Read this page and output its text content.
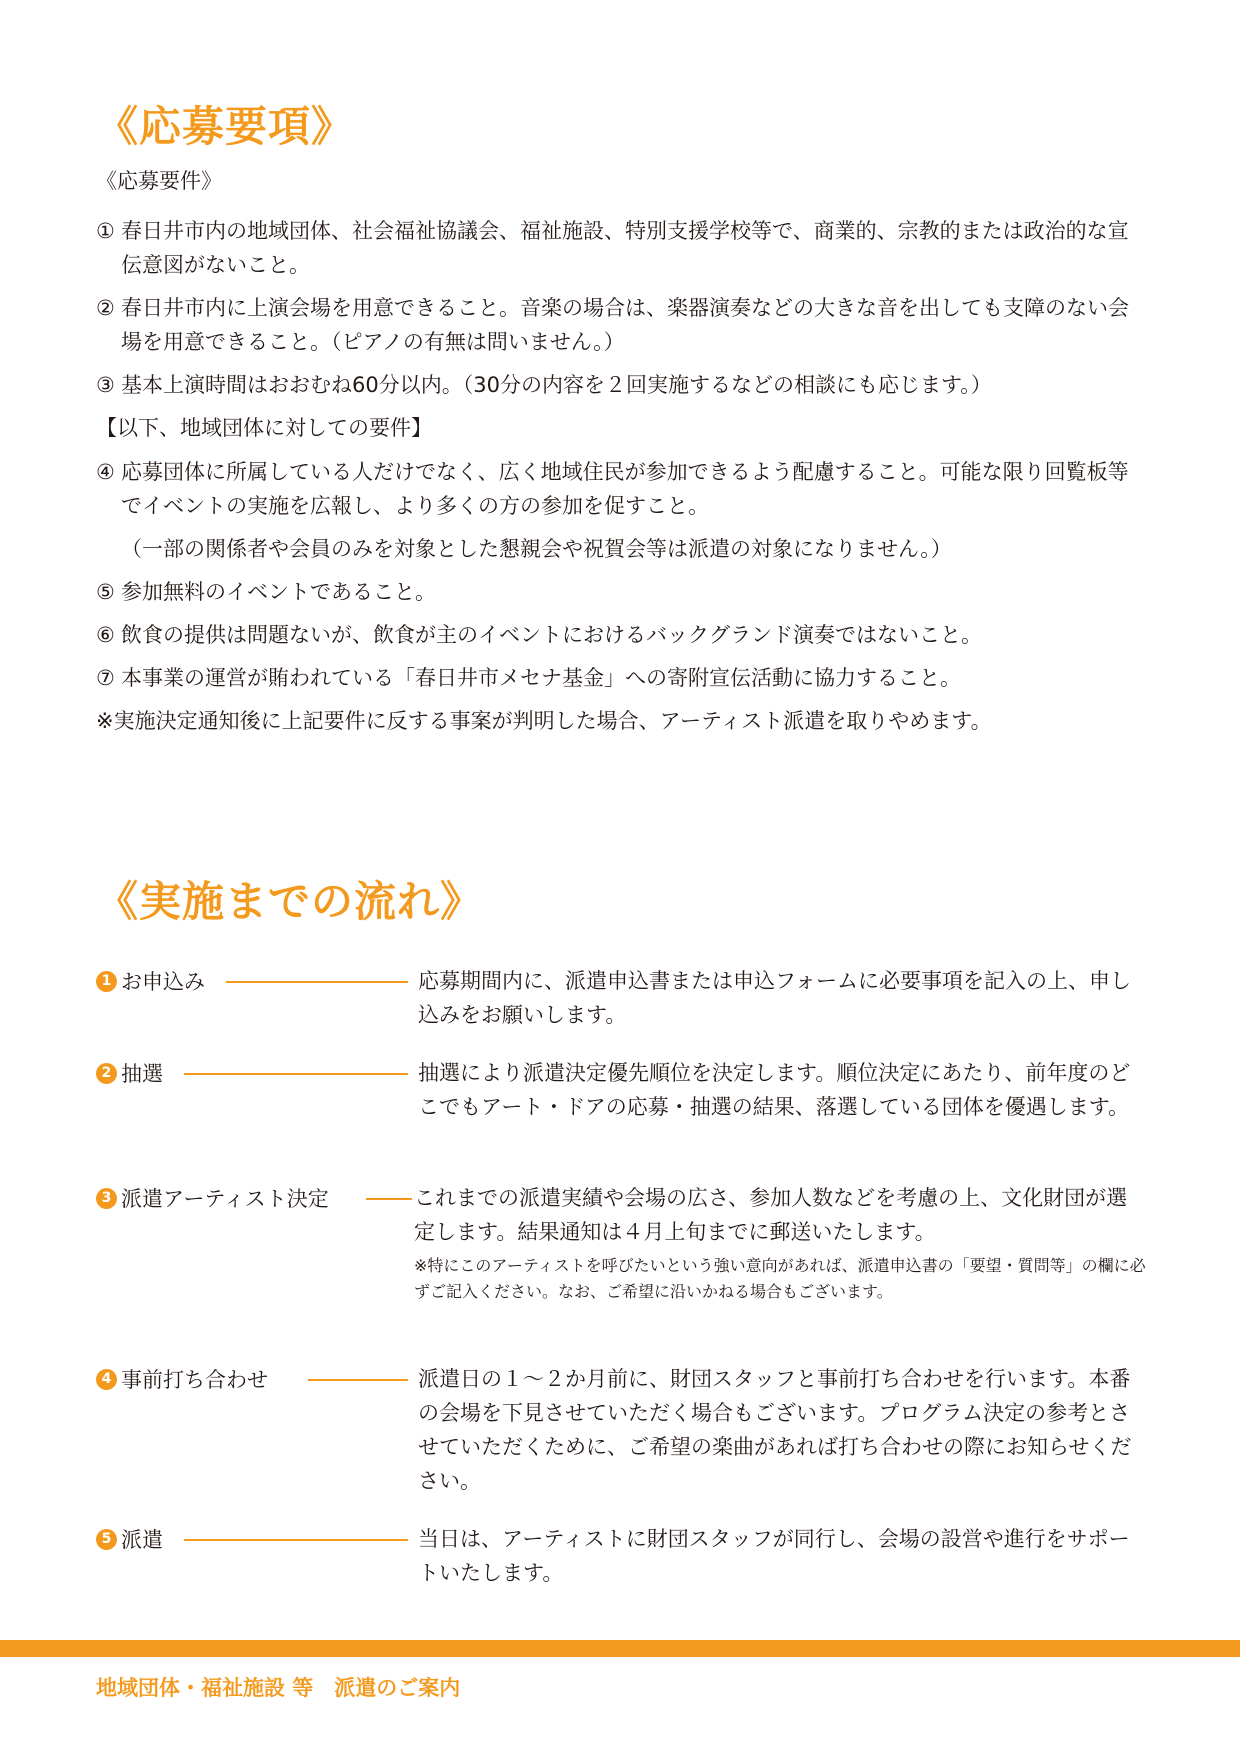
《応募要項》

《応募要件》

① 春日井市内の地域団体、社会福祉協議会、福祉施設、特別支援学校等で、商業的、宗教的または政治的な宣伝意図がないこと。

② 春日井市内に上演会場を用意できること。音楽の場合は、楽器演奏などの大きな音を出しても支障のない会場を用意できること。（ピアノの有無は問いません。）

③ 基本上演時間はおおむね60分以内。（30分の内容を２回実施するなどの相談にも応じます。）

【以下、地域団体に対しての要件】

④ 応募団体に所属している人だけでなく、広く地域住民が参加できるよう配慮すること。可能な限り回覧板等でイベントの実施を広報し、より多くの方の参加を促すこと。

（一部の関係者や会員のみを対象とした懇親会や祝賀会等は派遣の対象になりません。）

⑤ 参加無料のイベントであること。

⑥ 飲食の提供は問題ないが、飲食が主のイベントにおけるバックグランド演奏ではないこと。

⑦ 本事業の運営が賄われている「春日井市メセナ基金」への寄附宣伝活動に協力すること。

※実施決定通知後に上記要件に反する事案が判明した場合、アーティスト派遣を取りやめます。

《実施までの流れ》
1 お申込み	応募期間内に、派遣申込書または申込フォームに必要事項を記入の上、申し込みをお願いします。

2 抽選	抽選により派遣決定優先順位を決定します。順位決定にあたり、前年度のどこでもアート・ドアの応募・抽選の結果、落選している団体を優遇します。

3 派遣アーティスト決定	これまでの派遣実績や会場の広さ、参加人数などを考慮の上、文化財団が選定します。結果通知は４月上旬までに郵送いたします。

※特にこのアーティストを呼びたいという強い意向があれば、派遣申込書の「要望・質問等」の欄に必ずご記入ください。なお、ご希望に沿いかねる場合もございます。

4 事前打ち合わせ	派遣日の１～２か月前に、財団スタッフと事前打ち合わせを行います。本番の会場を下見させていただく場合もございます。プログラム決定の参考とさせていただくために、ご希望の楽曲があれば打ち合わせの際にお知らせください。

5 派遣	当日は、アーティストに財団スタッフが同行し、会場の設営や進行をサポートいたします。

地域団体・福祉施設 等　派遣のご案内
